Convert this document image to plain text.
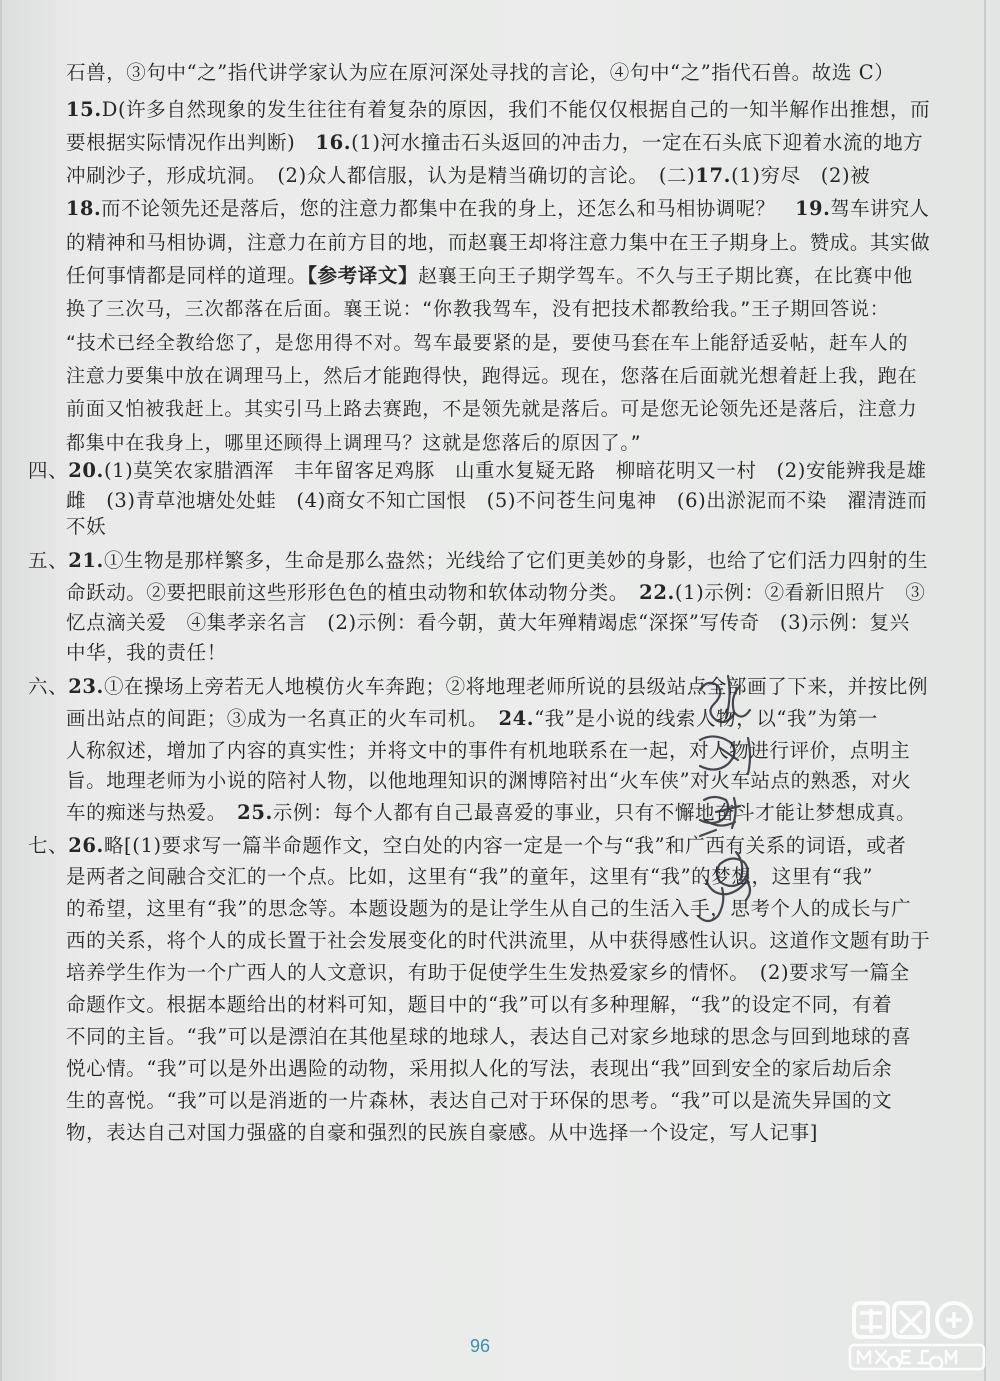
石兽，③句中“之”指代讲学家认为应在原河深处寻找的言论，④句中“之”指代石兽。故选 C）
15.D(许多自然现象的发生往往有着复杂的原因，我们不能仅仅根据自己的一知半解作出推想，而
要根据实际情况作出判断)　16.(1)河水撞击石头返回的冲击力，一定在石头底下迎着水流的地方
冲刷沙子，形成坑洞。　(2)众人都信服，认为是精当确切的言论。　(二)17.(1)穷尽　(2)被
18.而不论领先还是落后，您的注意力都集中在我的身上，还怎么和马相协调呢？　19.驾车讲究人
的精神和马相协调，注意力在前方目的地，而赵襄王却将注意力集中在王子期身上。赞成。其实做
任何事情都是同样的道理。【参考译文】赵襄王向王子期学驾车。不久与王子期比赛，在比赛中他
换了三次马，三次都落在后面。襄王说：“你教我驾车，没有把技术都教给我。”王子期回答说：
“技术已经全教给您了，是您用得不对。驾车最要紧的是，要使马套在车上能舒适妥帖，赶车人的
注意力要集中放在调理马上，然后才能跑得快，跑得远。现在，您落在后面就光想着赶上我，跑在
前面又怕被我赶上。其实引马上路去赛跑，不是领先就是落后。可是您无论领先还是落后，注意力
都集中在我身上，哪里还顾得上调理马？这就是您落后的原因了。”
四、20.(1)莫笑农家腊酒浑　丰年留客足鸡豚　山重水复疑无路　柳暗花明又一村　(2)安能辨我是雄
雌　(3)青草池塘处处蛙　(4)商女不知亡国恨　(5)不问苍生问鬼神　(6)出淤泥而不染　濯清涟而
不妖
五、21.①生物是那样繁多，生命是那么盎然；光线给了它们更美妙的身影，也给了它们活力四射的生
命跃动。②要把眼前这些形形色色的植虫动物和软体动物分类。　22.(1)示例：②看新旧照片　③
忆点滴关爱　④集孝亲名言　(2)示例：看今朝，黄大年殚精竭虑“深探”写传奇　(3)示例：复兴
中华，我的责任！
六、23.①在操场上旁若无人地模仿火车奔跑；②将地理老师所说的县级站点全部画了下来，并按比例
画出站点的间距；③成为一名真正的火车司机。　24.“我”是小说的线索人物，以“我”为第一
人称叙述，增加了内容的真实性；并将文中的事件有机地联系在一起，对人物进行评价，点明主
旨。地理老师为小说的陪衬人物，以他地理知识的渊博陪衬出“火车侠”对火车站点的熟悉，对火
车的痴迷与热爱。　25.示例：每个人都有自己最喜爱的事业，只有不懈地奋斗才能让梦想成真。
七、26.略[(1)要求写一篇半命题作文，空白处的内容一定是一个与“我”和广西有关系的词语，或者
是两者之间融合交汇的一个点。比如，这里有“我”的童年，这里有“我”的梦想，这里有“我”
的希望，这里有“我”的思念等。本题设题为的是让学生从自己的生活入手，思考个人的成长与广
西的关系，将个人的成长置于社会发展变化的时代洪流里，从中获得感性认识。这道作文题有助于
培养学生作为一个广西人的人文意识，有助于促使学生生发热爱家乡的情怀。　(2)要求写一篇全
命题作文。根据本题给出的材料可知，题目中的“我”可以有多种理解，“我”的设定不同，有着
不同的主旨。“我”可以是漂泊在其他星球的地球人，表达自己对家乡地球的思念与回到地球的喜
悦心情。“我”可以是外出遇险的动物，采用拟人化的写法，表现出“我”回到安全的家后劫后余
生的喜悦。“我”可以是消逝的一片森林，表达自己对于环保的思考。“我”可以是流失异国的文
物，表达自己对国力强盛的自豪和强烈的民族自豪感。从中选择一个设定，写人记事]
96
